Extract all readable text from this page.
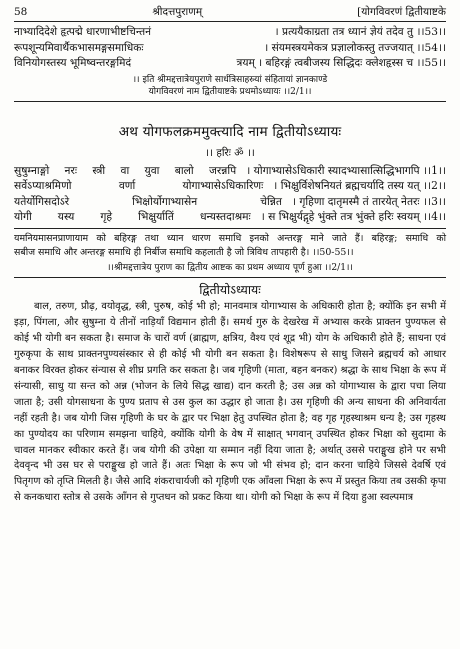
58	श्रीदत्तपुराणम्	[योगविवरणं द्वितीयाष्टके
नाभ्यादिदेशे हृत्पद्मे धारणाभीष्टचिन्तनं	। प्रत्ययैकाग्रता तत्र ध्यानं ज्ञेयं तदेव तु ।।53।।
रूपशून्यमिवार्थैकभासमङ्गसमाधिकः	। संयमस्त्रयमेकत्र प्रज्ञालोकस्तु तज्जयात् ।।54।।
विनियोगस्तस्य भूमिष्वन्तरङ्गमिदं	त्रयम् । बहिरङ्गं त्वबीजस्य सिद्धिदः क्लेशहृस्स च ।।55।।
।। इति श्रीमद्दत्तात्रेयपुराणे सार्धत्रिसाहस्र्यां संहितायां ज्ञानकाण्डे
योगविवरणं नाम द्वितीयाष्टके प्रथमोऽध्यायः ।।2/1।।
अथ योगफलक्रममुक्त्यादि नाम द्वितीयोऽध्यायः
।। हरिः ॐ ।।
सुषुम्नाङ्गो नरः स्त्री वा युवा बालो जरन्नपि । योगाभ्यासेऽधिकारी स्यादभ्यासात्सिद्धिभागपि ।।1।।
सर्वेऽप्याश्रमिणो वर्णा योगाभ्यासेऽधिकारिणः । भिक्षुर्विशेषनियतं ब्रह्मचर्यादि तस्य यत् ।।2।।
यतेर्योगिसदोऽरे भिक्षोर्योगाभ्यासेन चेन्नित । गृहिणा दातृमस्मै तं तारयेत् नेतरः ।।3।।
योगी यस्य गृहे भिक्षुर्यातिं धन्यस्तदाश्रमः । स भिक्षुर्यद्गृहे भुंक्ते तत्र भुंक्ते हरिः स्वयम् ।।4।।
यमनियमासनप्राणायाम को बहिरङ्ग तथा ध्यान धारण समाधि इनको अन्तरङ्ग माने जाते हैं। बहिरङ्ग; समाधि को
सबीज समाधि और अन्तरङ्ग समाधि ही निर्बीज समाधि कहलाती है जो त्रिविध तापहारी है। ।।50-55।।
।।श्रीमद्दत्तात्रेय पुराण का द्वितीय आष्टक का प्रथम अध्याय पूर्ण हुआ ।।2/1।।
द्वितीयोऽध्यायः

बाल, तरुण, प्रौढ़, वयोवृद्ध, स्त्री, पुरुष, कोई भी हो; मानवमात्र योगाभ्यास के अधिकारी होता है; क्योंकि इन सभी में इड़ा, पिंगला, और सुषुम्ना ये तीनों नाड़ियाँ विद्यमान होती हैं। समर्थ गुरु के देखरेख में अभ्यास करके प्राक्तन पुण्यफल से कोई भी योगी बन सकता है। समाज के चारों वर्ण (ब्राह्मण, क्षत्रिय, वैश्य एवं शूद्र भी) योग के अधिकारी होते हैं; साधना एवं गुरुकृपा के साथ प्राक्तनपुण्यसंस्कार से ही कोई भी योगी बन सकता है। विशेषरूप से साधु जिसने ब्रह्मचर्य को आधार बनाकर विरक्त होकर संन्यास से शीघ्र प्रगति कर सकता है। जब गृहिणी (माता, बहन बनकर) श्रद्धा के साथ भिक्षा के रूप में संन्यासी, साधु या सन्त को अन्न (भोजन के लिये सिद्ध खाद्य) दान करती है; उस अन्न को योगाभ्यास के द्वारा पचा लिया जाता है; उसी योगसाधना के पुण्य प्रताप से उस कुल का उद्धार हो जाता है। उस गृहिणी की अन्य साधना की अनिवार्यता नहीं रहती है। जब योगी जिस गृहिणी के घर के द्वार पर भिक्षा हेतु उपस्थित होता है; वह गृह गृहस्थाश्रम धन्य है; उस गृहस्थ का पुण्योदय का परिणाम समझना चाहिये, क्योंकि योगी के वेष में साक्षात् भगवान् उपस्थित होकर भिक्षा को सुदामा के चावल मानकर स्वीकार करते हैं। जब योगी की उपेक्षा या सम्मान नहीं दिया जाता है; अर्थात् उससे पराङ्मुख होने पर सभी देववृन्द भी उस घर से पराङ्मुख हो जाते हैं। अतः भिक्षा के रूप जो भी संभव हो; दान करना चाहिये जिससे देवर्षि एवं पितृगण को तृप्ति मिलती है। जैसे आदि शंकराचार्यजी को गृहिणी एक आँवला भिक्षा के रूप में प्रस्तुत किया तब उसकी कृपा से कनकधारा स्तोत्र से उसके आँगन से गुप्तधन को प्रकट किया था। योगी को भिक्षा के रूप में दिया हुआ स्वल्पमात्र
